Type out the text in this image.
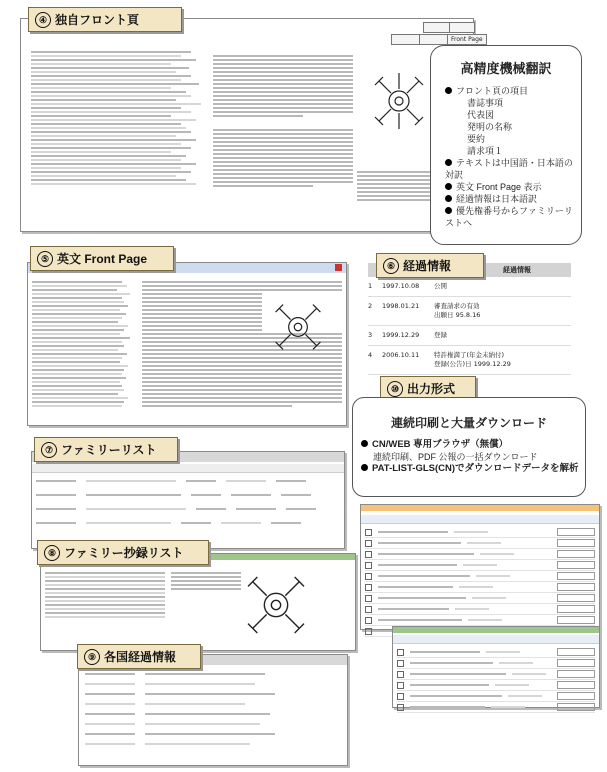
Front Page
④ 独自フロント頁
高精度機械翻訳
フロント頁の項目
書誌事項
代表図
発明の名称
要約
請求項１
テキストは中国語・日本語の対訳
英文 Front Page 表示
経過情報は日本語訳
優先権番号からファミリーリストへ
⑤ 英文 Front Page
経過情報
1	1997.10.08	公開
2	1998.01.21	審査請求の有効
出願日 95.8.16
3	1999.12.29	登録
4	2006.10.11	特許権満了(年金未納付)
登録(公告)日 1999.12.29
⑥ 経過情報
⑩ 出力形式
連続印刷と大量ダウンロード
CN/WEB 専用ブラウザ（無償）
連続印刷、PDF 公報の一括ダウンロード
PAT-LIST-GLS(CN)でダウンロードデータを解析
⑦ ファミリーリスト
⑧ ファミリー抄録リスト
⑨ 各国経過情報
